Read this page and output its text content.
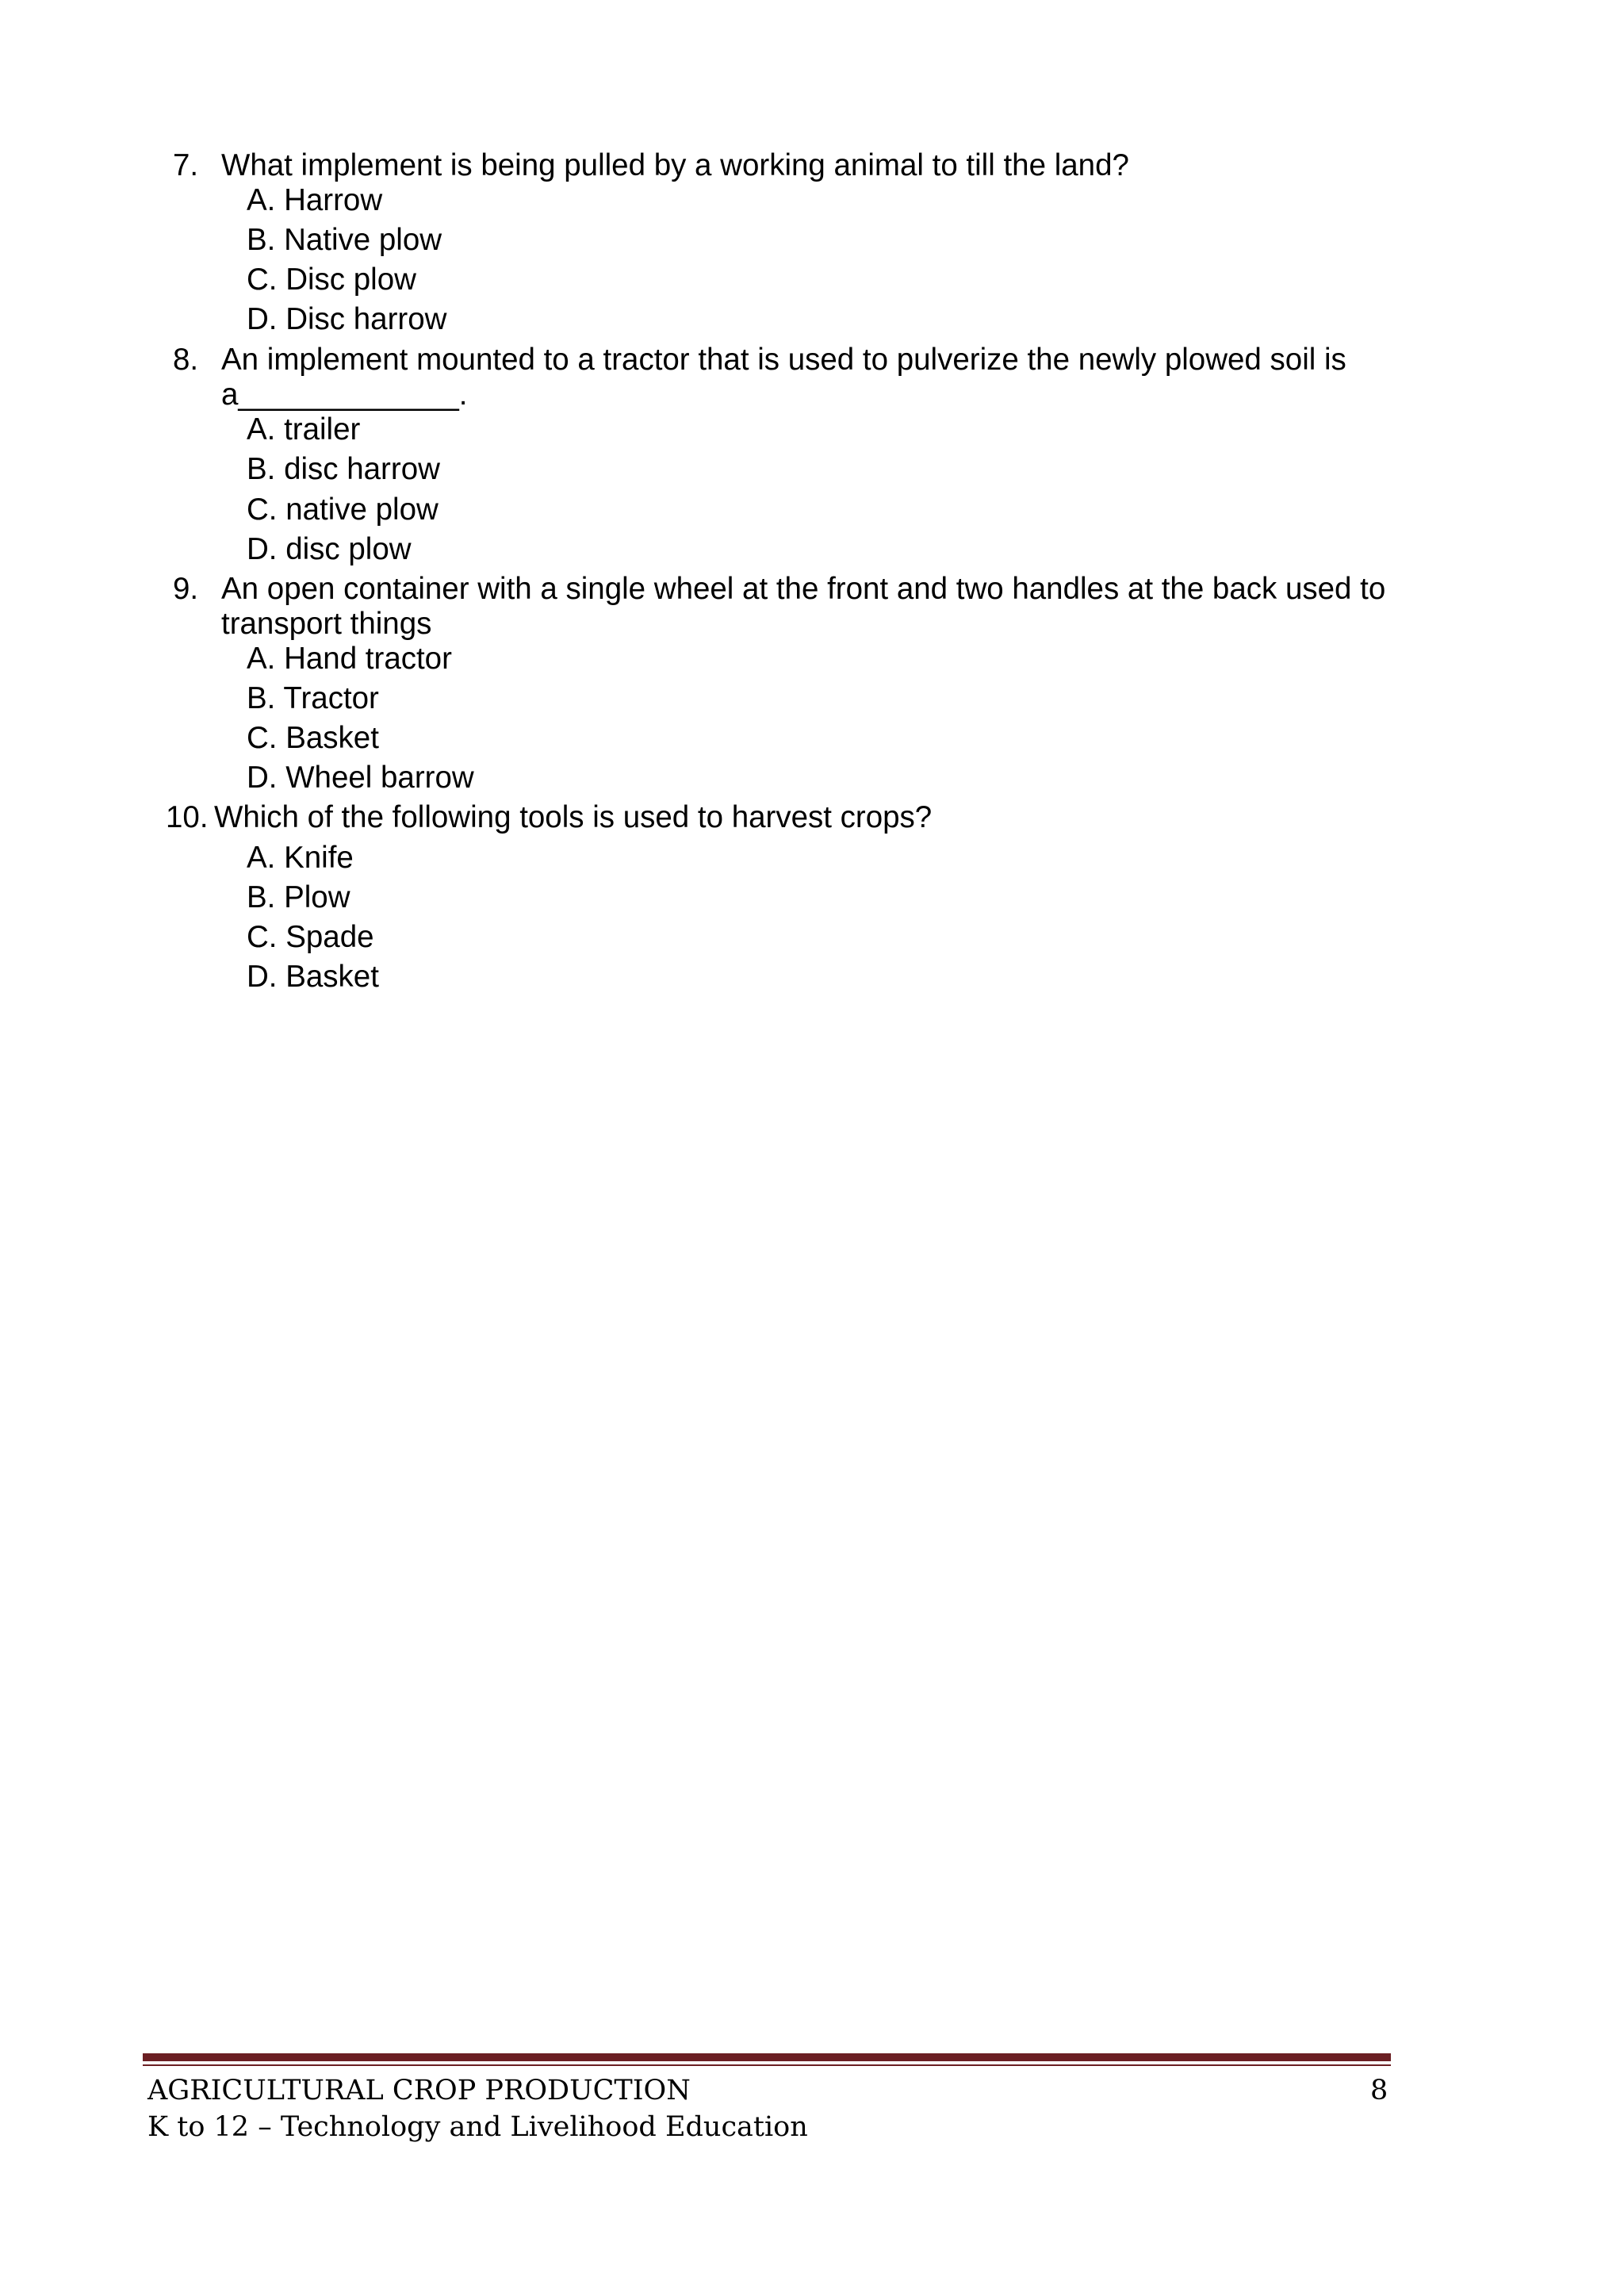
7. What implement is being pulled by a working animal to till the land?
A. Harrow
B. Native plow
C. Disc plow
D. Disc harrow
8. An implement mounted to a tractor that is used to pulverize the newly plowed soil is
a_____________.
A. trailer
B. disc harrow
C. native plow
D. disc plow
9. An open container with a single wheel at the front and two handles at the back used to
transport things
A. Hand tractor
B. Tractor
C. Basket
D. Wheel barrow
10. Which of the following tools is used to harvest crops?
A. Knife
B. Plow
C. Spade
D. Basket
AGRICULTURAL CROP PRODUCTION	8
K to 12 – Technology and Livelihood Education
